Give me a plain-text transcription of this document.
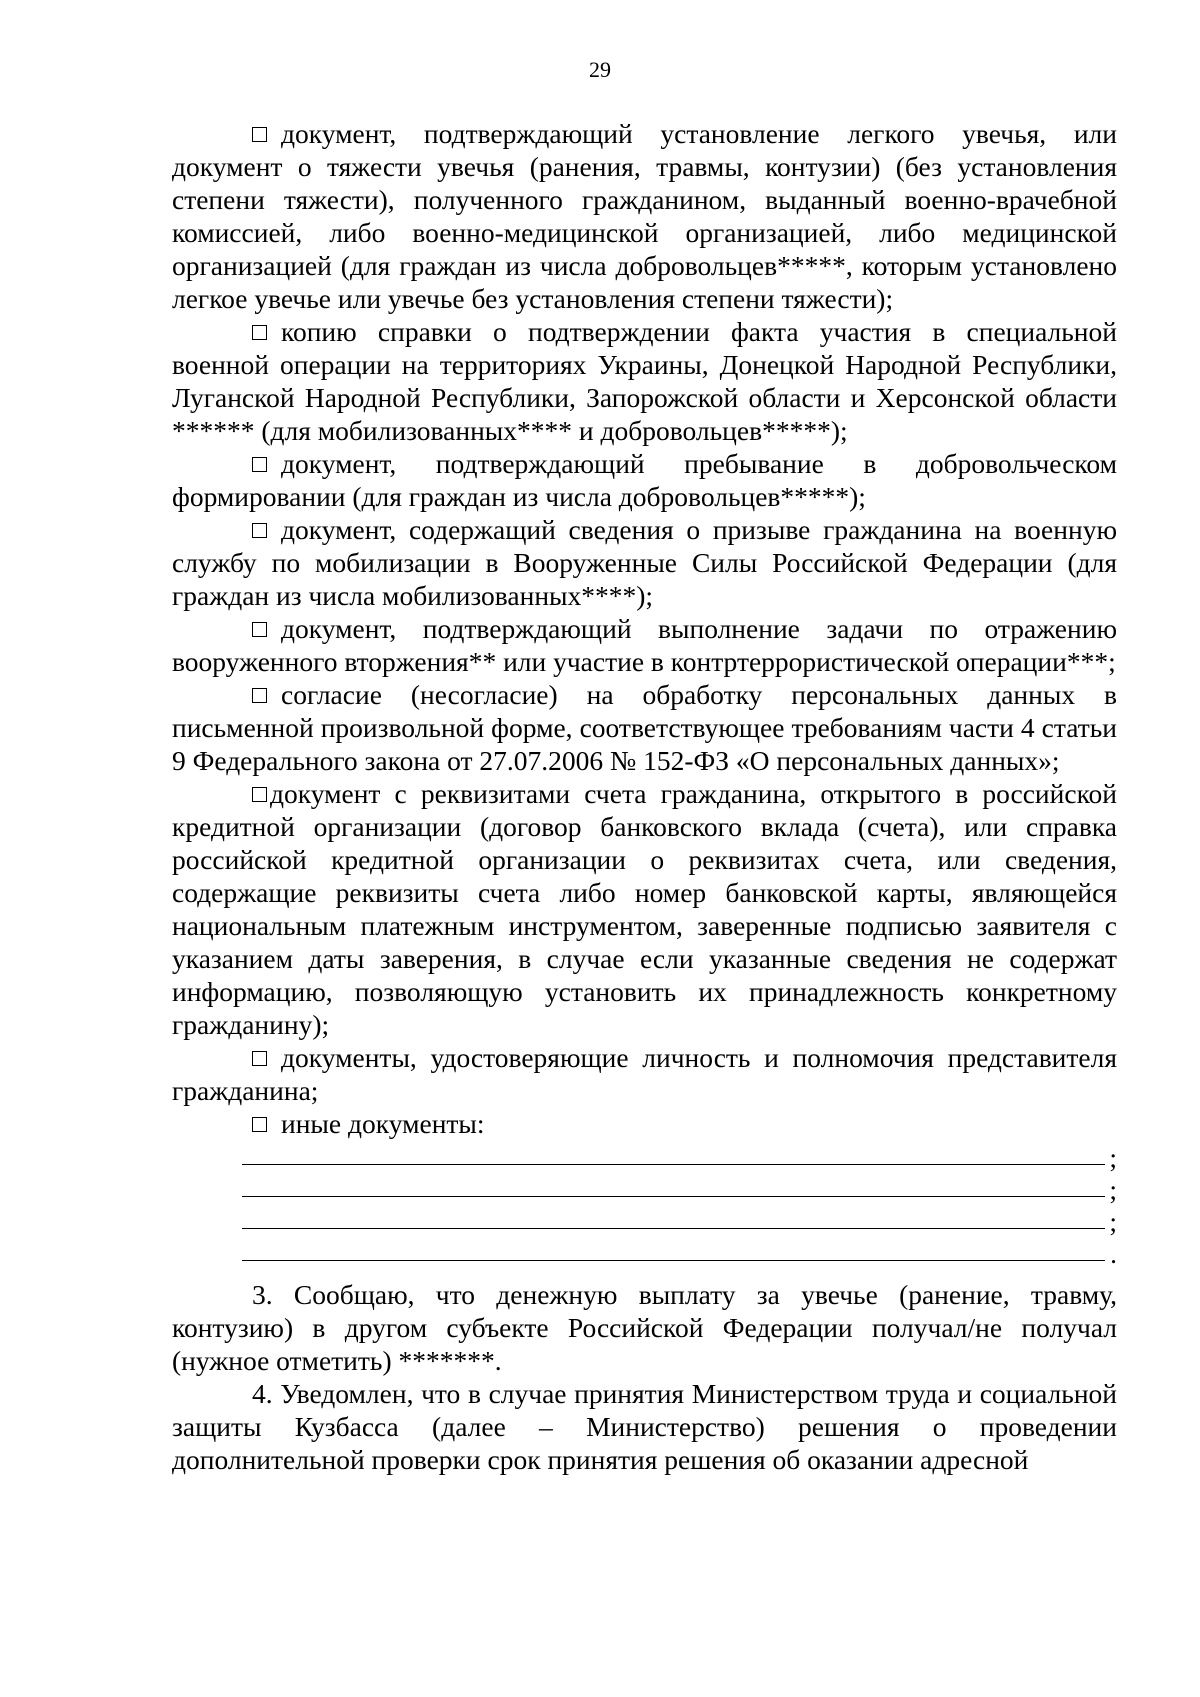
29

документ, подтверждающий установление легкого увечья, или документ о тяжести увечья (ранения, травмы, контузии) (без установления степени тяжести), полученного гражданином, выданный военно-врачебной комиссией, либо военно-медицинской организацией, либо медицинской организацией (для граждан из числа добровольцев*****, которым установлено легкое увечье или увечье без установления степени тяжести);

копию справки о подтверждении факта участия в специальной военной операции на территориях Украины, Донецкой Народной Республики, Луганской Народной Республики, Запорожской области и Херсонской области ****** (для мобилизованных**** и добровольцев*****);

документ, подтверждающий пребывание в добровольческом формировании (для граждан из числа добровольцев*****);

документ, содержащий сведения о призыве гражданина на военную службу по мобилизации в Вооруженные Силы Российской Федерации (для граждан из числа мобилизованных****);

документ, подтверждающий выполнение задачи по отражению вооруженного вторжения** или участие в контртеррористической операции***;

согласие (несогласие) на обработку персональных данных в письменной произвольной форме, соответствующее требованиям части 4 статьи 9 Федерального закона от 27.07.2006 № 152-ФЗ «О персональных данных»;

документ с реквизитами счета гражданина, открытого в российской кредитной организации (договор банковского вклада (счета), или справка российской кредитной организации о реквизитах счета, или сведения, содержащие реквизиты счета либо номер банковской карты, являющейся национальным платежным инструментом, заверенные подписью заявителя с указанием даты заверения, в случае если указанные сведения не содержат информацию, позволяющую установить их принадлежность конкретному гражданину);

документы, удостоверяющие личность и полномочия представителя гражданина;

иные документы:

;
;
;
.

3. Сообщаю, что денежную выплату за увечье (ранение, травму, контузию) в другом субъекте Российской Федерации получал/не получал (нужное отметить) *******.

4. Уведомлен, что в случае принятия Министерством труда и социальной защиты Кузбасса (далее – Министерство) решения о проведении дополнительной проверки срок принятия решения об оказании адресной
